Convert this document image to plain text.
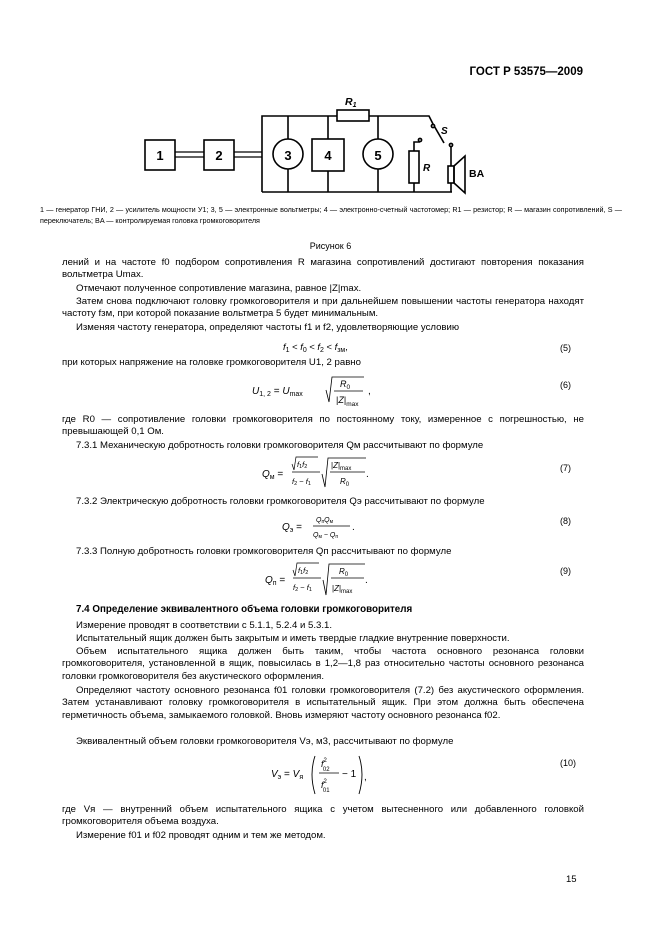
ГОСТ Р 53575—2009
1	2	3	4	5
R1
S
R	BA

1 — генератор ГНИ, 2 — усилитель мощности У1; 3, 5 — электронные вольтметры; 4 — электронно-счетный частотомер; R1 — резистор; R — магазин сопротивлений, S — переключатель; BA — контролируемая головка громкоговорителя

Рисунок 6
лений и на частоте f0 подбором сопротивления R магазина сопротивлений достигают повторения показания вольтметра Umax.
Отмечают полученное сопротивление магазина, равное |Z|max.
Затем снова подключают головку громкоговорителя и при дальнейшем повышении частоты генератора находят частоту fзм, при которой показание вольтметра 5 будет минимальным.
Изменяя частоту генератора, определяют частоты f1 и f2, удовлетворяющие условию
$f_1 < f_0 < f_2 < f_{зм}$,	(5)
при которых напряжение на головке громкоговорителя U1, 2 равно
$U_{1, 2} = U_{max}$
$R_0$
$|Z|_{max}$
,
(6)
где R0 — сопротивление головки громкоговорителя по постоянному току, измеренное с погрешностью, не превышающей 0,1 Ом.
7.3.1 Механическую добротность головки громкоговорителя Qм рассчитывают по формуле
$Q_м$ =
f1f2
f2 − f1
$|Z|_{max}$
$R_0$
.
(7)
7.3.2 Электрическую добротность головки громкоговорителя Qэ рассчитывают по формуле
$Q_э$ =
QпQм
Qм − Qп
.
(8)
7.3.3 Полную добротность головки громкоговорителя Qп рассчитывают по формуле
$Q_п$ =
f1f2
f2 − f1
$R_0$
$|Z|_{max}$
.
(9)
7.4 Определение эквивалентного объема головки громкоговорителя
Измерение проводят в соответствии с 5.1.1, 5.2.4 и 5.3.1.
Испытательный ящик должен быть закрытым и иметь твердые гладкие внутренние поверхности.
Объем испытательного ящика должен быть таким, чтобы частота основного резонанса головки громкоговорителя, установленной в ящик, повысилась в 1,2—1,8 раз относительно частоты основного резонанса головки громкоговорителя без акустического оформления.
Определяют частоту основного резонанса f01 головки громкоговорителя (7.2) без акустического оформления. Затем устанавливают головку громкоговорителя в испытательный ящик. При этом должна быть обеспечена герметичность объема, замыкаемого головкой. Вновь измеряют частоту основного резонанса f02.
Эквивалентный объем головки громкоговорителя Vэ, м3, рассчитывают по формуле
$V_э = V_я$
$f^2$ 02
$f^2$ 01
− 1 ,
(10)
где Vя — внутренний объем испытательного ящика с учетом вытесненного или добавленного головкой громкоговорителя объема воздуха.
Измерение f01 и f02 проводят одним и тем же методом.
15
